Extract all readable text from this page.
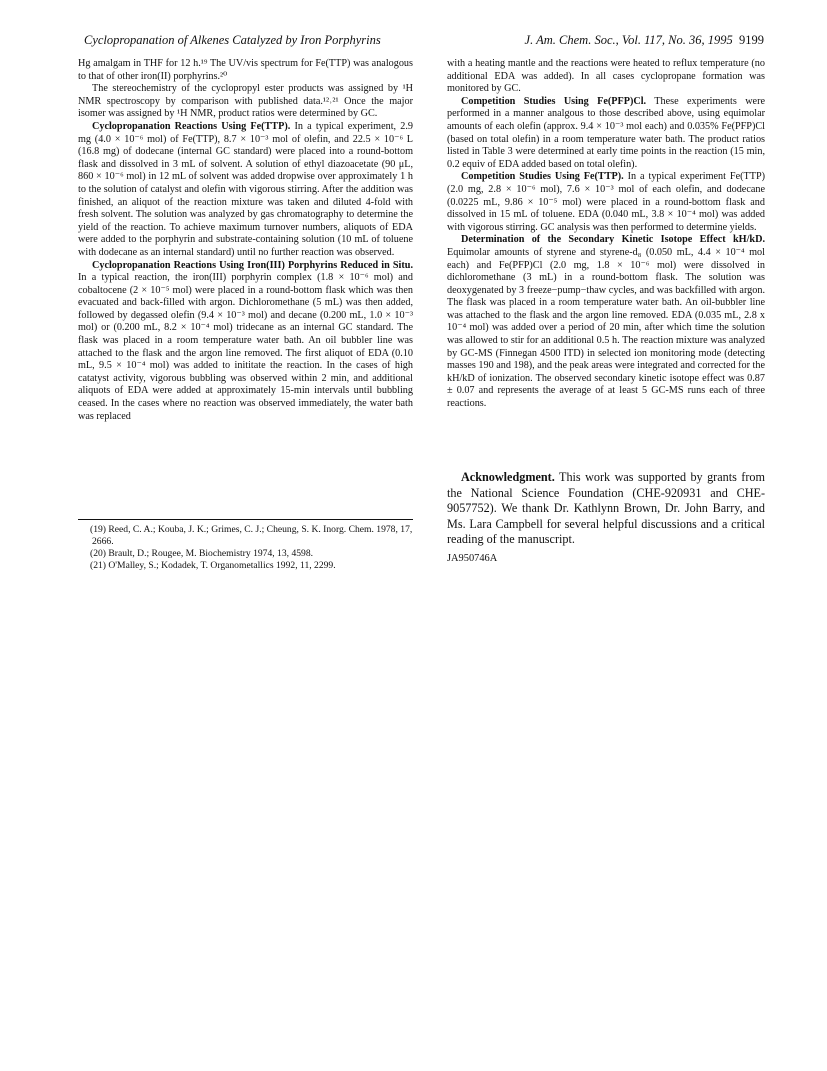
Cyclopropanation of Alkenes Catalyzed by Iron Porphyrins	J. Am. Chem. Soc., Vol. 117, No. 36, 1995 9199

Hg amalgam in THF for 12 h.¹⁹ The UV/vis spectrum for Fe(TTP) was analogous to that of other iron(II) porphyrins.²⁰

The stereochemistry of the cyclopropyl ester products was assigned by ¹H NMR spectroscopy by comparison with published data.¹²˒²¹ Once the major isomer was assigned by ¹H NMR, product ratios were determined by GC.

Cyclopropanation Reactions Using Fe(TTP). In a typical experiment, 2.9 mg (4.0 × 10⁻⁶ mol) of Fe(TTP), 8.7 × 10⁻³ mol of olefin, and 22.5 × 10⁻⁶ L (16.8 mg) of dodecane (internal GC standard) were placed into a round-bottom flask and dissolved in 3 mL of solvent. A solution of ethyl diazoacetate (90 μL, 860 × 10⁻⁶ mol) in 12 mL of solvent was added dropwise over approximately 1 h to the solution of catalyst and olefin with vigorous stirring. After the addition was finished, an aliquot of the reaction mixture was taken and diluted 4-fold with fresh solvent. The solution was analyzed by gas chromatography to determine the yield of the reaction. To achieve maximum turnover numbers, aliquots of EDA were added to the porphyrin and substrate-containing solution (10 mL of toluene with dodecane as an internal standard) until no further reaction was observed.

Cyclopropanation Reactions Using Iron(III) Porphyrins Reduced in Situ. In a typical reaction, the iron(III) porphyrin complex (1.8 × 10⁻⁶ mol) and cobaltocene (2 × 10⁻⁵ mol) were placed in a round-bottom flask which was then evacuated and back-filled with argon. Dichloromethane (5 mL) was then added, followed by degassed olefin (9.4 × 10⁻³ mol) and decane (0.200 mL, 1.0 × 10⁻³ mol) or (0.200 mL, 8.2 × 10⁻⁴ mol) tridecane as an internal GC standard. The flask was placed in a room temperature water bath. An oil bubbler line was attached to the flask and the argon line removed. The first aliquot of EDA (0.10 mL, 9.5 × 10⁻⁴ mol) was added to inititate the reaction. In the cases of high catatyst activity, vigorous bubbling was observed within 2 min, and additional aliquots of EDA were added at approximately 15-min intervals until bubbling ceased. In the cases where no reaction was observed immediately, the water bath was replaced

(19) Reed, C. A.; Kouba, J. K.; Grimes, C. J.; Cheung, S. K. Inorg. Chem. 1978, 17, 2666.
(20) Brault, D.; Rougee, M. Biochemistry 1974, 13, 4598.
(21) O'Malley, S.; Kodadek, T. Organometallics 1992, 11, 2299.

with a heating mantle and the reactions were heated to reflux temperature (no additional EDA was added). In all cases cyclopropane formation was monitored by GC.

Competition Studies Using Fe(PFP)Cl. These experiments were performed in a manner analgous to those described above, using equimolar amounts of each olefin (approx. 9.4 × 10⁻³ mol each) and 0.035% Fe(PFP)Cl (based on total olefin) in a room temperature water bath. The product ratios listed in Table 3 were determined at early time points in the reaction (15 min, 0.2 equiv of EDA added based on total olefin).

Competition Studies Using Fe(TTP). In a typical experiment Fe(TTP) (2.0 mg, 2.8 × 10⁻⁶ mol), 7.6 × 10⁻³ mol of each olefin, and dodecane (0.0225 mL, 9.86 × 10⁻⁵ mol) were placed in a round-bottom flask and dissolved in 15 mL of toluene. EDA (0.040 mL, 3.8 × 10⁻⁴ mol) was added with vigorous stirring. GC analysis was then performed to determine yields.

Determination of the Secondary Kinetic Isotope Effect kH/kD. Equimolar amounts of styrene and styrene-d₈ (0.050 mL, 4.4 × 10⁻⁴ mol each) and Fe(PFP)Cl (2.0 mg, 1.8 × 10⁻⁶ mol) were dissolved in dichloromethane (3 mL) in a round-bottom flask. The solution was deoxygenated by 3 freeze−pump−thaw cycles, and was backfilled with argon. The flask was placed in a room temperature water bath. An oil-bubbler line was attached to the flask and the argon line removed. EDA (0.035 mL, 2.8 x 10⁻⁴ mol) was added over a period of 20 min, after which time the solution was allowed to stir for an additional 0.5 h. The reaction mixture was analyzed by GC-MS (Finnegan 4500 ITD) in selected ion monitoring mode (detecting masses 190 and 198), and the peak areas were integrated and corrected for the kH/kD of ionization. The observed secondary kinetic isotope effect was 0.87 ± 0.07 and represents the average of at least 5 GC-MS runs each of three reactions.

Acknowledgment. This work was supported by grants from the National Science Foundation (CHE-920931 and CHE-9057752). We thank Dr. Kathlynn Brown, Dr. John Barry, and Ms. Lara Campbell for several helpful discussions and a critical reading of the manuscript.

JA950746A
